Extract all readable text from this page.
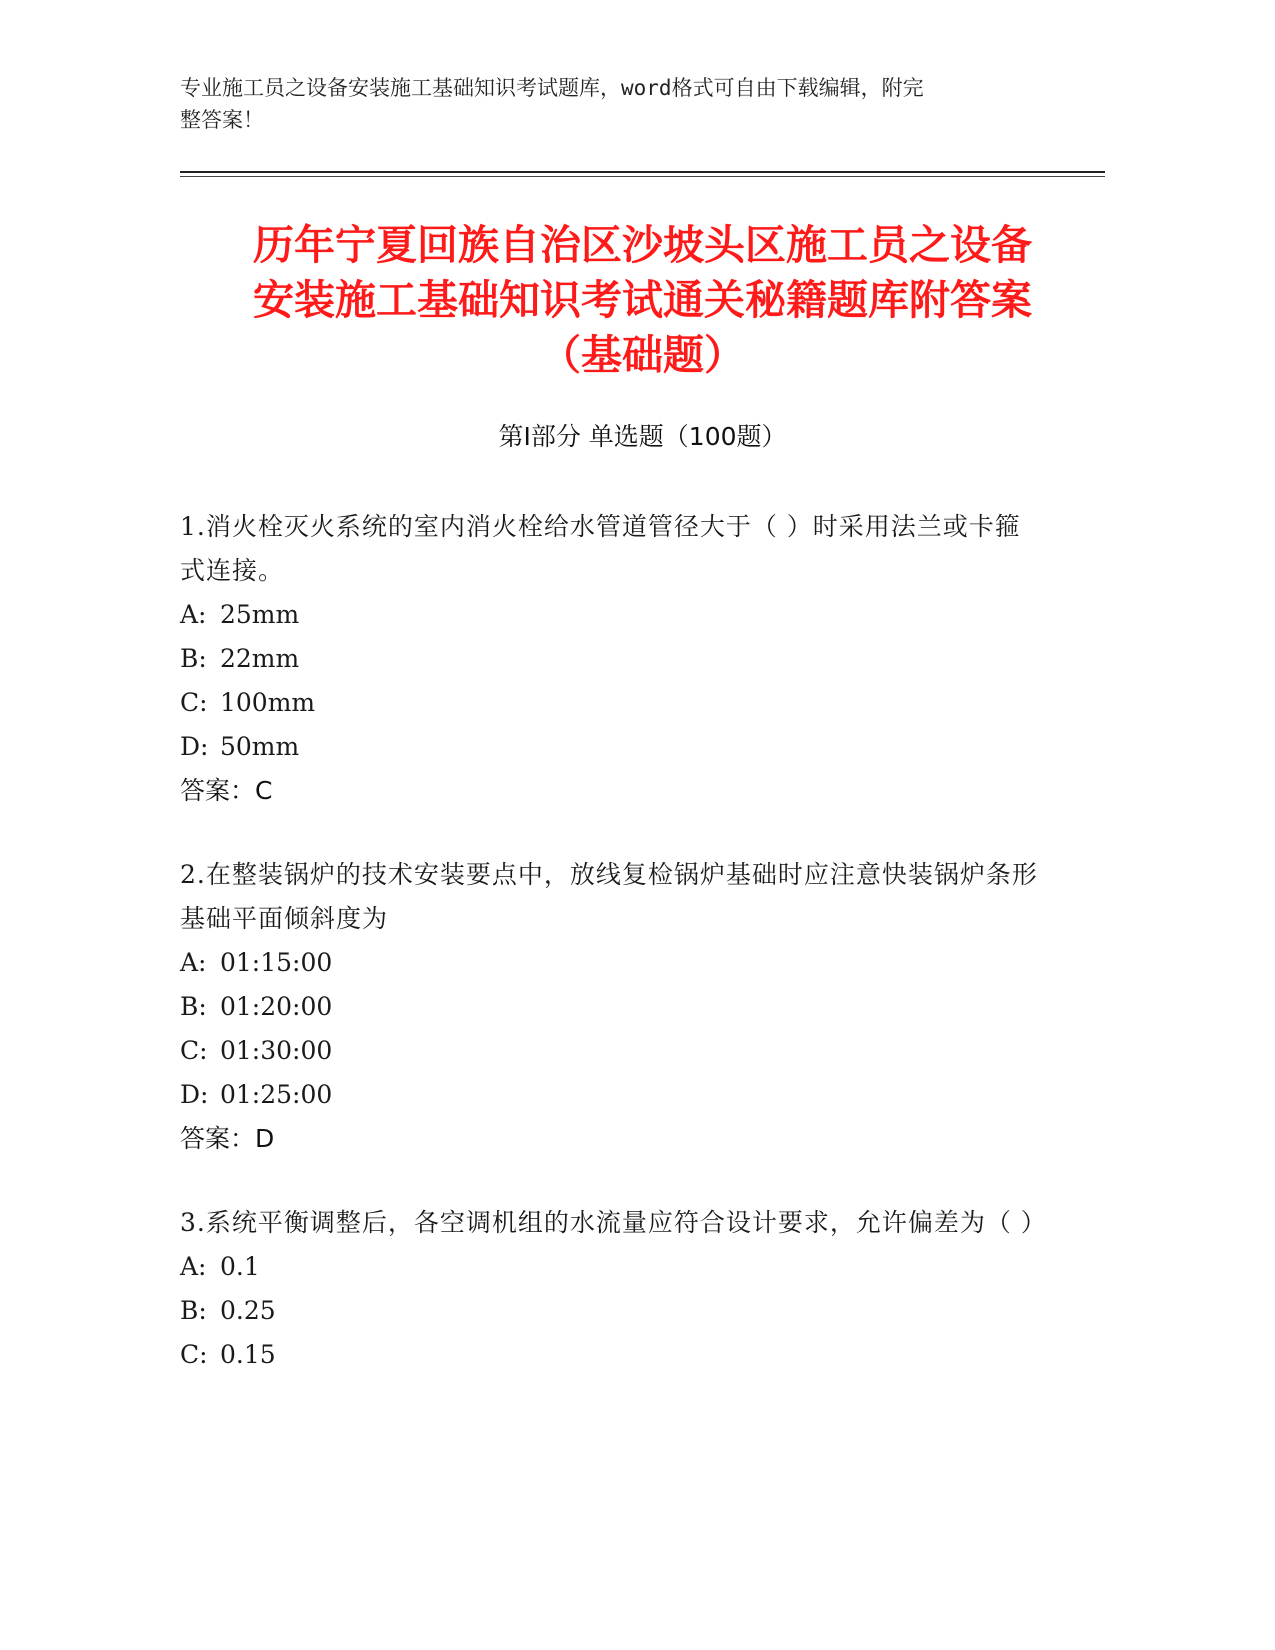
专业施工员之设备安装施工基础知识考试题库，word格式可自由下载编辑，附完
整答案！
历年宁夏回族自治区沙坡头区施工员之设备
安装施工基础知识考试通关秘籍题库附答案
（基础题）
第Ⅰ部分 单选题（100题）
1.消火栓灭火系统的室内消火栓给水管道管径大于（ ）时采用法兰或卡箍式连接。
A: 25mm
B: 22mm
C: 100mm
D: 50mm
答案：C
2.在整装锅炉的技术安装要点中，放线复检锅炉基础时应注意快装锅炉条形基础平面倾斜度为
A: 01:15:00
B: 01:20:00
C: 01:30:00
D: 01:25:00
答案：D
3.系统平衡调整后，各空调机组的水流量应符合设计要求，允许偏差为（ ）
A: 0.1
B: 0.25
C: 0.15
